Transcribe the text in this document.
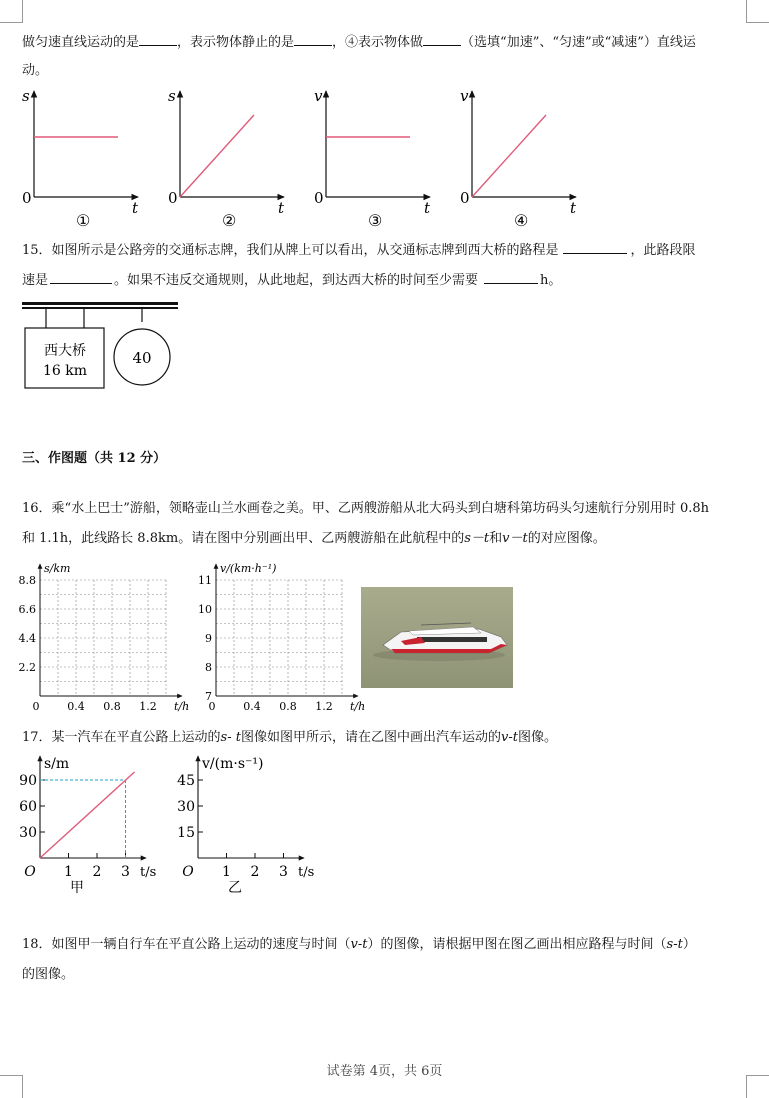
做匀速直线运动的是	，表示物体静止的是	，④表示物体做	（选填“加速”、“匀速”或“减速”）直线运
动。
s
t
0
①
s
t
0
②
v
t
0
③
v
t
0
④
15．如图所示是公路旁的交通标志牌，我们从牌上可以看出，从交通标志牌到西大桥的路程是	，此路段限
速是	。如果不违反交通规则，从此地起，到达西大桥的时间至少需要	h。
西大桥
16 km
40
三、作图题（共 12 分）
16．乘“水上巴士”游船，领略壶山兰水画卷之美。甲、乙两艘游船从北大码头到白塘科第坊码头匀速航行分别用时 0.8h
和 1.1h，此线路长 8.8km。请在图中分别画出甲、乙两艘游船在此航程中的s－t和v－t的对应图像。
s/km
t/h
8.8
6.6
4.4
2.2
0	0.4 0.8 1.2
v/(km·h⁻¹)
t/h
11
10
9
8
7
0	0.4 0.8 1.2
17．某一汽车在平直公路上运动的s- t图像如图甲所示，请在乙图中画出汽车运动的v-t图像。
s/m
t/s
90
60
30
O 1 2 3
甲
v/(m·s⁻¹)
t/s
45
30
15
O 1 2 3
乙
18．如图甲一辆自行车在平直公路上运动的速度与时间（v-t）的图像，请根据甲图在图乙画出相应路程与时间（s-t）
的图像。
试卷第 4页，共 6页
